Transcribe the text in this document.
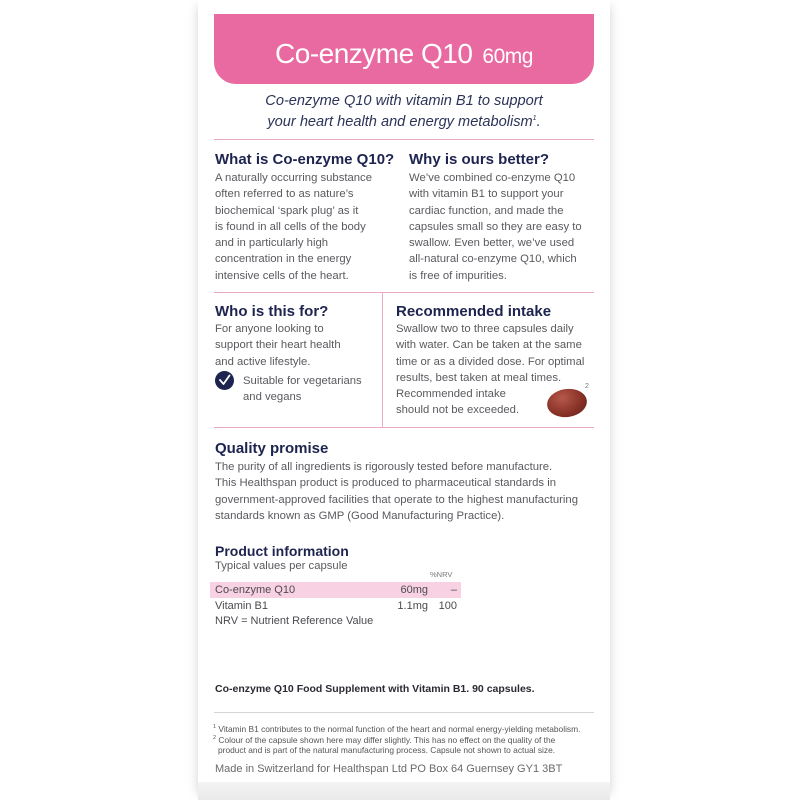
Co-enzyme Q10 60mg
Co-enzyme Q10 with vitamin B1 to support
your heart health and energy metabolism$^1$.
What is Co-enzyme Q10?
A naturally occurring substance
often referred to as nature’s
biochemical ‘spark plug’ as it
is found in all cells of the body
and in particularly high
concentration in the energy
intensive cells of the heart.
Why is ours better?
We’ve combined co-enzyme Q10
with vitamin B1 to support your
cardiac function, and made the
capsules small so they are easy to
swallow. Even better, we’ve used
all-natural co-enzyme Q10, which
is free of impurities.
Who is this for?
For anyone looking to
support their heart health
and active lifestyle.
Suitable for vegetarians
and vegans
Recommended intake
Swallow two to three capsules daily
with water. Can be taken at the same
time or as a divided dose. For optimal
results, best taken at meal times.
Recommended intake
should not be exceeded.
2
Quality promise
The purity of all ingredients is rigorously tested before manufacture.
This Healthspan product is produced to pharmaceutical standards in
government-approved facilities that operate to the highest manufacturing
standards known as GMP (Good Manufacturing Practice).
Product information
Typical values per capsule
%NRV
Co-enzyme Q10	60mg –
Vitamin B1	1.1mg 100
NRV = Nutrient Reference Value
Co-enzyme Q10 Food Supplement with Vitamin B1. 90 capsules.
$^1$ Vitamin B1 contributes to the normal function of the heart and normal energy-yielding metabolism.
$^2$ Colour of the capsule shown here may differ slightly. This has no effect on the quality of the
product and is part of the natural manufacturing process. Capsule not shown to actual size.
Made in Switzerland for Healthspan Ltd PO Box 64 Guernsey GY1 3BT
